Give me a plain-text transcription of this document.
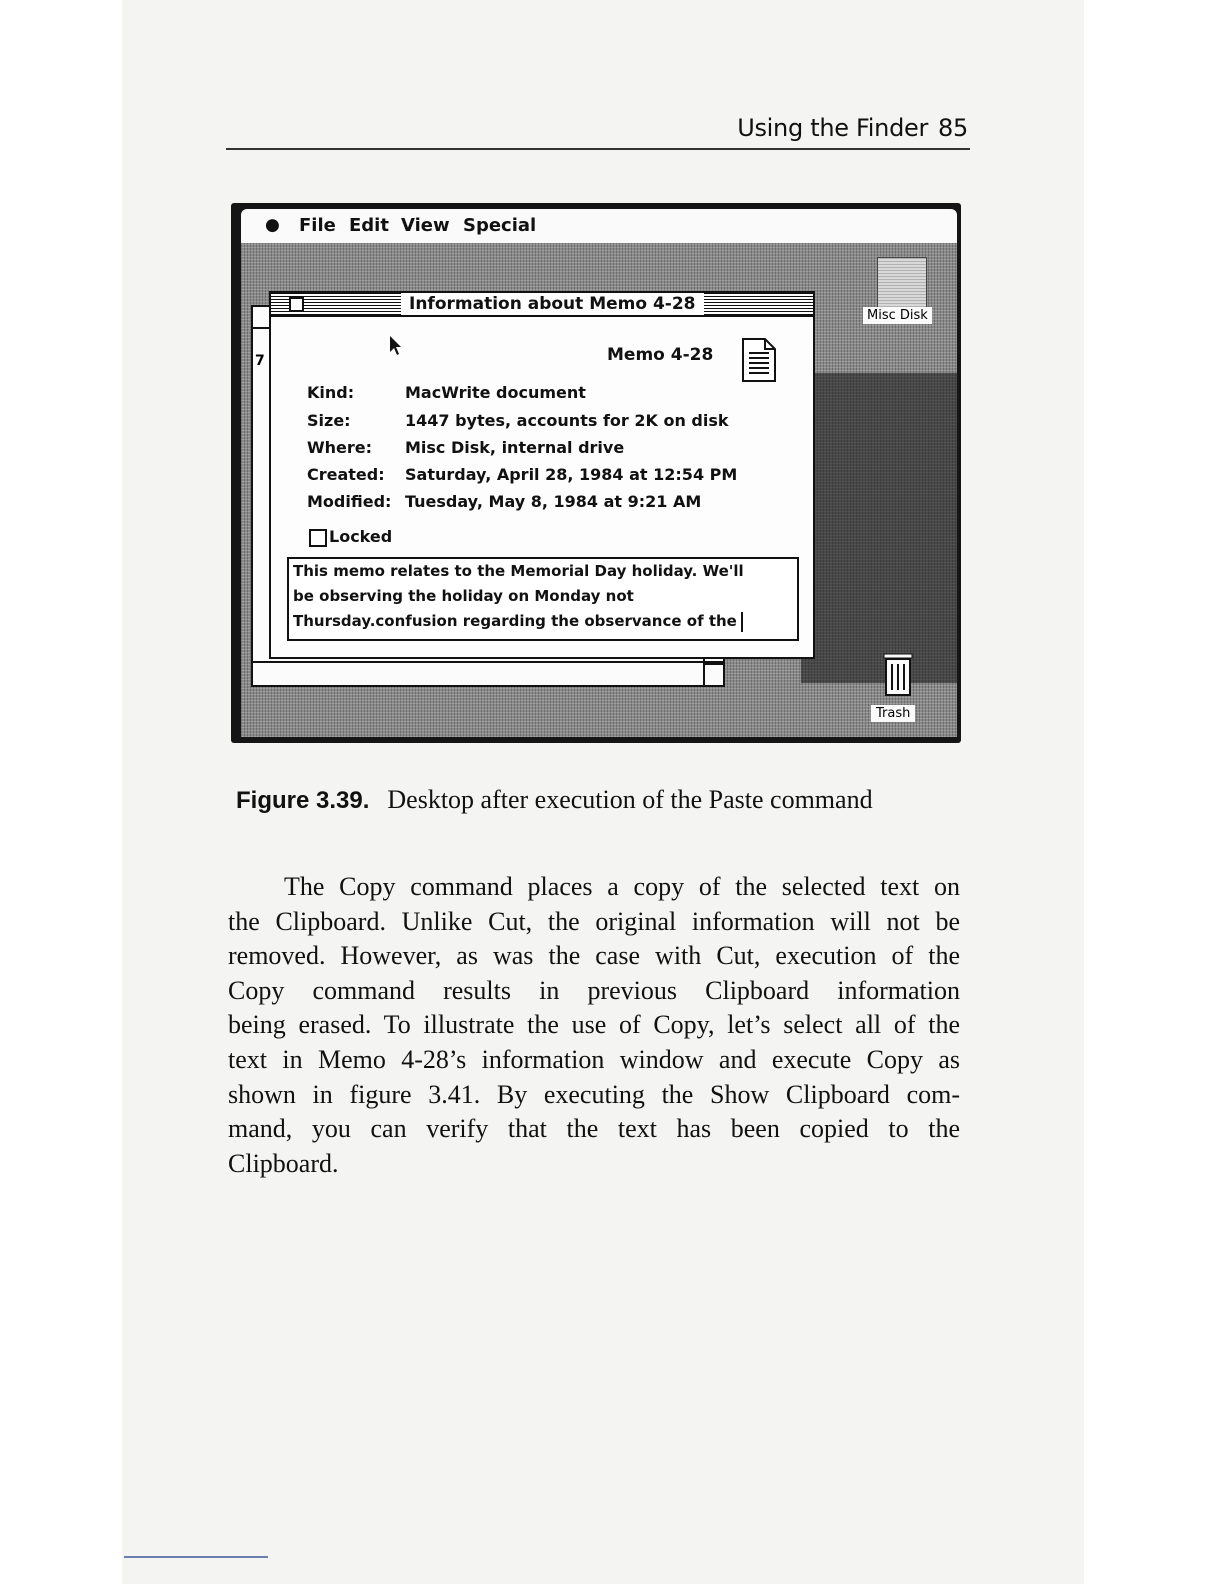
Using the Finder 85
● File Edit View Special
7
Information about Memo 4-28
Memo 4-28
Kind:	MacWrite document
Size:	1447 bytes, accounts for 2K on disk
Where: Misc Disk, internal drive
Created: Saturday, April 28, 1984 at 12:54 PM
Modified: Tuesday, May 8, 1984 at 9:21 AM
Locked
This memo relates to the Memorial Day holiday. We'll
be observing the holiday on Monday not
Thursday.confusion regarding the observance of the
Misc Disk
Trash
Figure 3.39. Desktop after execution of the Paste command
The Copy command places a copy of the selected text on
the Clipboard. Unlike Cut, the original information will not be
removed. However, as was the case with Cut, execution of the
Copy command results in previous Clipboard information
being erased. To illustrate the use of Copy, let’s select all of the
text in Memo 4-28’s information window and execute Copy as
shown in figure 3.41. By executing the Show Clipboard com-
mand, you can verify that the text has been copied to the
Clipboard.
